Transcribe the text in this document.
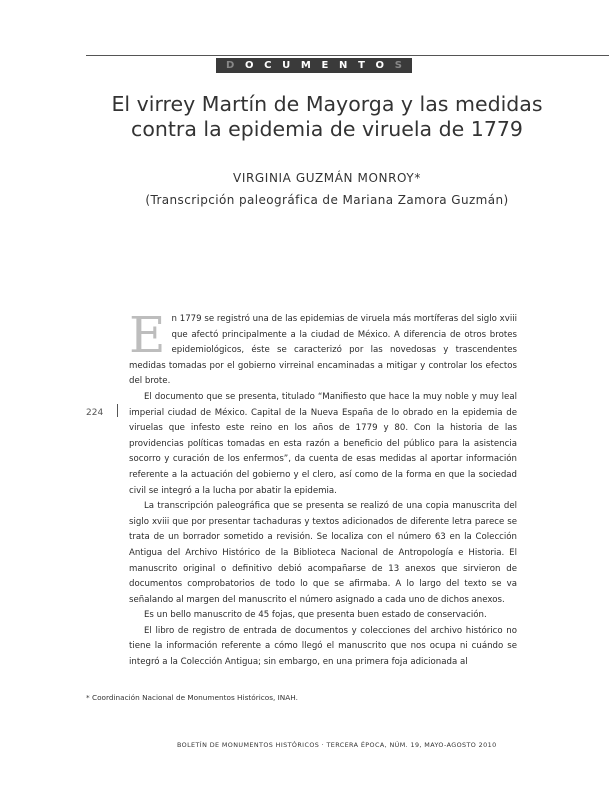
D O C U M E N T O S
El virrey Martín de Mayorga y las medidas
contra la epidemia de viruela de 1779
VIRGINIA GUZMÁN MONROY*
(Transcripción paleográfica de Mariana Zamora Guzmán)
224

En 1779 se registró una de las epidemias de viruela más mortíferas del siglo xviii que afectó principalmente a la ciudad de México. A diferencia de otros brotes epidemiológicos, éste se caracterizó por las novedosas y trascendentes medidas tomadas por el gobierno virreinal encaminadas a mitigar y controlar los efectos del brote.

El documento que se presenta, titulado “Manifiesto que hace la muy noble y muy leal imperial ciudad de México. Capital de la Nueva España de lo obrado en la epidemia de viruelas que infesto este reino en los años de 1779 y 80. Con la historia de las providencias políticas tomadas en esta razón a beneficio del público para la asistencia socorro y curación de los enfermos”, da cuenta de esas medidas al aportar información referente a la actuación del gobierno y el clero, así como de la forma en que la sociedad civil se integró a la lucha por abatir la epidemia.

La transcripción paleográfica que se presenta se realizó de una copia manuscrita del siglo xviii que por presentar tachaduras y textos adicionados de diferente letra parece se trata de un borrador sometido a revisión. Se localiza con el número 63 en la Colección Antigua del Archivo Histórico de la Biblioteca Nacional de Antropología e Historia. El manuscrito original o definitivo debió acompañarse de 13 anexos que sirvieron de documentos comprobatorios de todo lo que se afirmaba. A lo largo del texto se va señalando al margen del manuscrito el número asignado a cada uno de dichos anexos.

Es un bello manuscrito de 45 fojas, que presenta buen estado de conservación.

El libro de registro de entrada de documentos y colecciones del archivo histórico no tiene la información referente a cómo llegó el manuscrito que nos ocupa ni cuándo se integró a la Colección Antigua; sin embargo, en una primera foja adicionada al

* Coordinación Nacional de Monumentos Históricos, INAH.
BOLETÍN DE MONUMENTOS HISTÓRICOS · TERCERA ÉPOCA, NÚM. 19, MAYO-AGOSTO 2010
